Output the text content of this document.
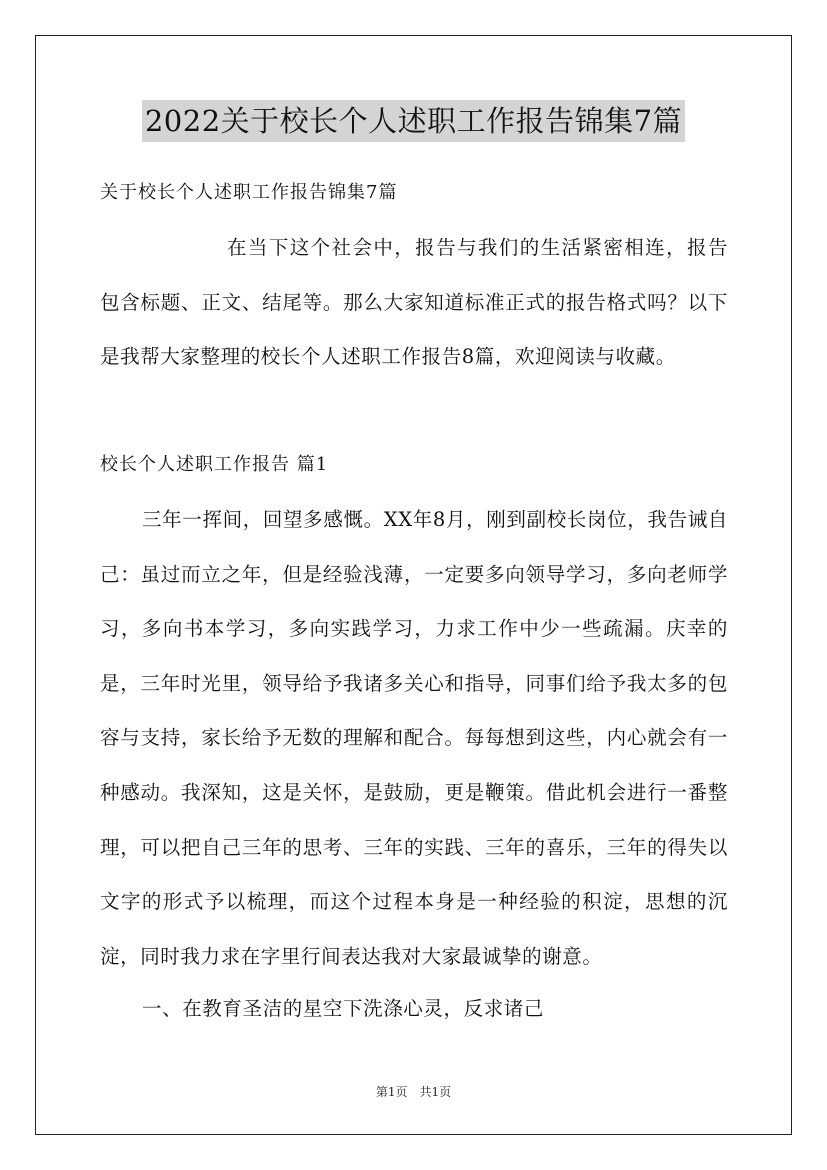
2022关于校长个人述职工作报告锦集7篇
关于校长个人述职工作报告锦集7篇

在当下这个社会中，报告与我们的生活紧密相连，报告包含标题、正文、结尾等。那么大家知道标准正式的报告格式吗？以下是我帮大家整理的校长个人述职工作报告8篇，欢迎阅读与收藏。

校长个人述职工作报告 篇1

三年一挥间，回望多感慨。XX年8月，刚到副校长岗位，我告诫自己：虽过而立之年，但是经验浅薄，一定要多向领导学习，多向老师学习，多向书本学习，多向实践学习，力求工作中少一些疏漏。庆幸的是，三年时光里，领导给予我诸多关心和指导，同事们给予我太多的包容与支持，家长给予无数的理解和配合。每每想到这些，内心就会有一种感动。我深知，这是关怀，是鼓励，更是鞭策。借此机会进行一番整理，可以把自己三年的思考、三年的实践、三年的喜乐，三年的得失以文字的形式予以梳理，而这个过程本身是一种经验的积淀，思想的沉淀，同时我力求在字里行间表达我对大家最诚挚的谢意。

一、在教育圣洁的星空下洗涤心灵，反求诸己
第1页 共1页
